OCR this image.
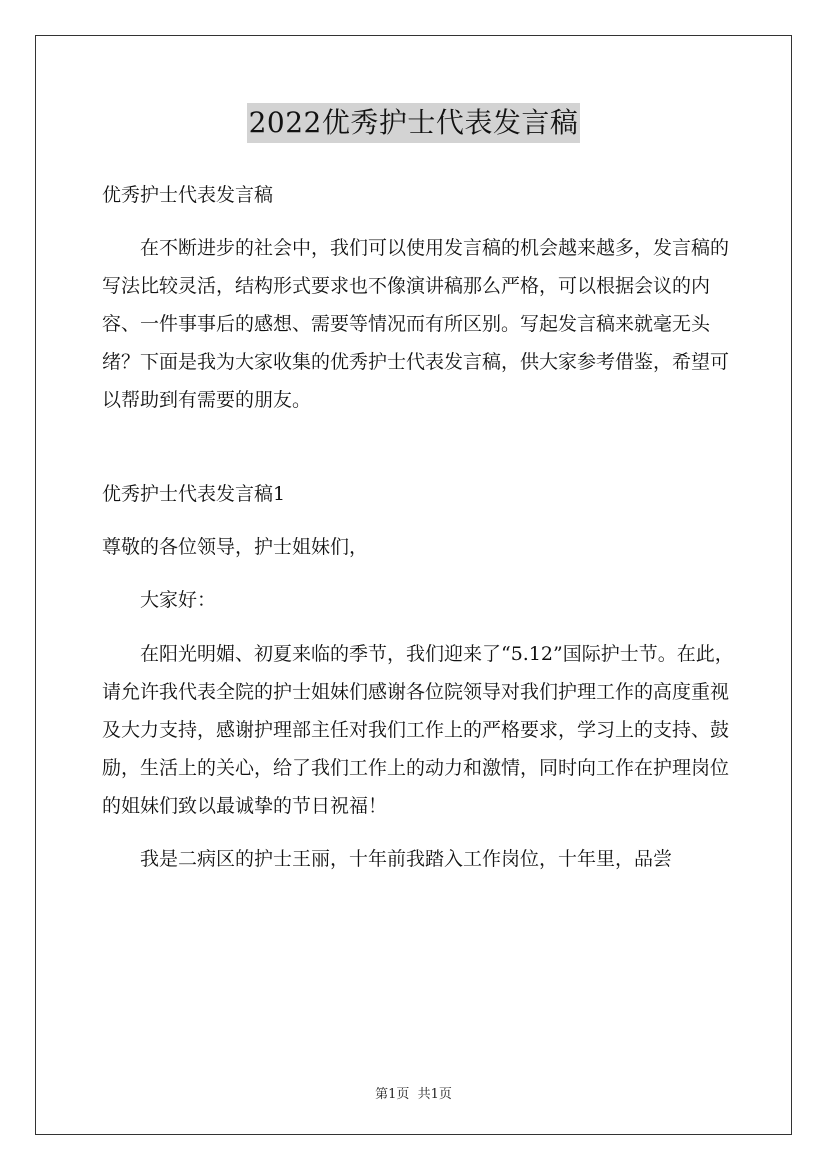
2022优秀护士代表发言稿

优秀护士代表发言稿

在不断进步的社会中，我们可以使用发言稿的机会越来越多，发言稿的写法比较灵活，结构形式要求也不像演讲稿那么严格，可以根据会议的内容、一件事事后的感想、需要等情况而有所区别。写起发言稿来就毫无头绪？下面是我为大家收集的优秀护士代表发言稿，供大家参考借鉴，希望可以帮助到有需要的朋友。

优秀护士代表发言稿1

尊敬的各位领导，护士姐妹们，

大家好：

在阳光明媚、初夏来临的季节，我们迎来了“5.12”国际护士节。在此，请允许我代表全院的护士姐妹们感谢各位院领导对我们护理工作的高度重视及大力支持，感谢护理部主任对我们工作上的严格要求，学习上的支持、鼓励，生活上的关心，给了我们工作上的动力和激情，同时向工作在护理岗位的姐妹们致以最诚挚的节日祝福！

我是二病区的护士王丽，十年前我踏入工作岗位，十年里，品尝

第1页  共1页
